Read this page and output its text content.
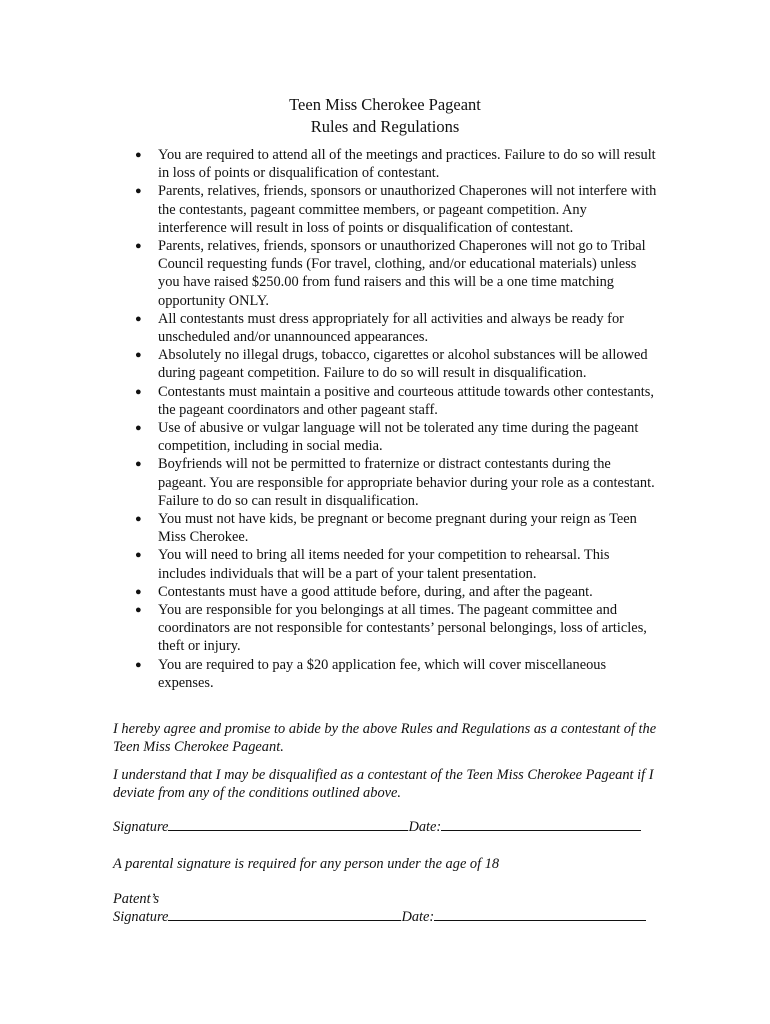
Teen Miss Cherokee Pageant
Rules and Regulations
● You are required to attend all of the meetings and practices. Failure to do so will result in loss of points or disqualification of contestant.
● Parents, relatives, friends, sponsors or unauthorized Chaperones will not interfere with the contestants, pageant committee members, or pageant competition. Any interference will result in loss of points or disqualification of contestant.
● Parents, relatives, friends, sponsors or unauthorized Chaperones will not go to Tribal Council requesting funds (For travel, clothing, and/or educational materials) unless you have raised $250.00 from fund raisers and this will be a one time matching opportunity ONLY.
● All contestants must dress appropriately for all activities and always be ready for unscheduled and/or unannounced appearances.
● Absolutely no illegal drugs, tobacco, cigarettes or alcohol substances will be allowed during pageant competition. Failure to do so will result in disqualification.
● Contestants must maintain a positive and courteous attitude towards other contestants, the pageant coordinators and other pageant staff.
● Use of abusive or vulgar language will not be tolerated any time during the pageant competition, including in social media.
● Boyfriends will not be permitted to fraternize or distract contestants during the pageant. You are responsible for appropriate behavior during your role as a contestant. Failure to do so can result in disqualification.
● You must not have kids, be pregnant or become pregnant during your reign as Teen Miss Cherokee.
● You will need to bring all items needed for your competition to rehearsal. This includes individuals that will be a part of your talent presentation.
● Contestants must have a good attitude before, during, and after the pageant.
● You are responsible for you belongings at all times. The pageant committee and coordinators are not responsible for contestants’ personal belongings, loss of articles, theft or injury.
● You are required to pay a $20 application fee, which will cover miscellaneous expenses.

I hereby agree and promise to abide by the above Rules and Regulations as a contestant of the Teen Miss Cherokee Pageant.

I understand that I may be disqualified as a contestant of the Teen Miss Cherokee Pageant if I deviate from any of the conditions outlined above.

Signature	Date:
A parental signature is required for any person under the age of 18
Patent’s
Signature	Date:
